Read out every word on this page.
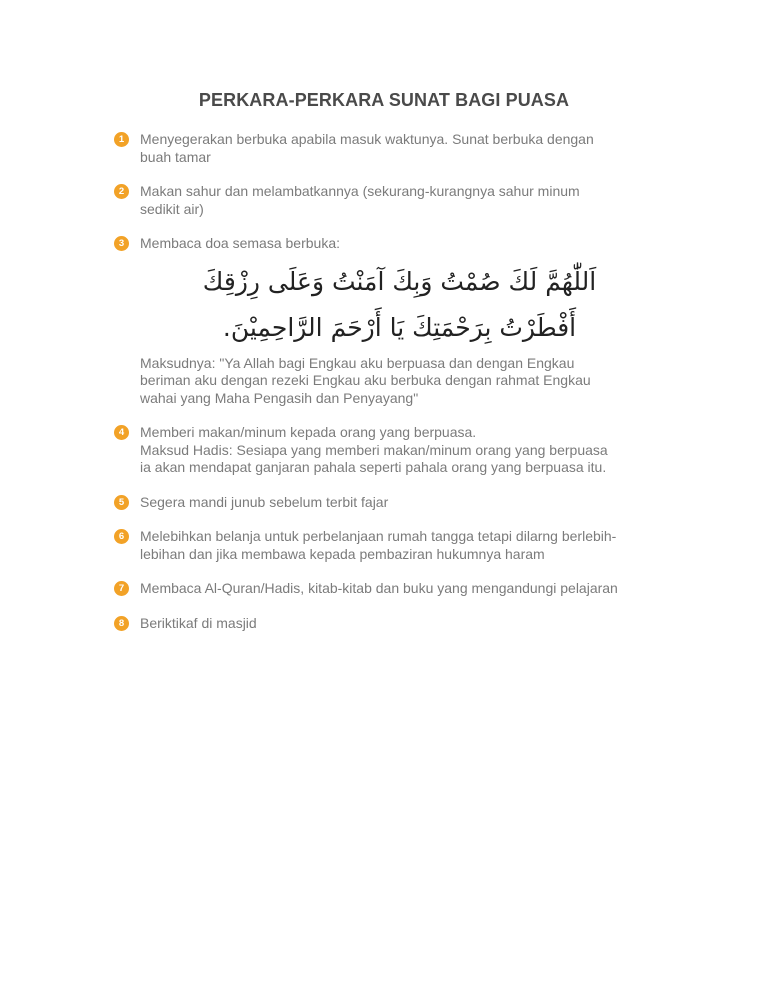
PERKARA-PERKARA SUNAT BAGI PUASA
1	Menyegerakan berbuka apabila masuk waktunya. Sunat berbuka dengan
buah tamar
2	Makan sahur dan melambatkannya (sekurang-kurangnya sahur minum
sedikit air)
3	Membaca doa semasa berbuka:
اَللّٰهُمَّ لَكَ صُمْتُ وَبِكَ آمَنْتُ وَعَلَى رِزْقِكَ
أَفْطَرْتُ بِرَحْمَتِكَ يَا أَرْحَمَ الرَّاحِمِيْنَ.
Maksudnya: "Ya Allah bagi Engkau aku berpuasa dan dengan Engkau
beriman aku dengan rezeki Engkau aku berbuka dengan rahmat Engkau
wahai yang Maha Pengasih dan Penyayang"
4	Memberi makan/minum kepada orang yang berpuasa.
Maksud Hadis: Sesiapa yang memberi makan/minum orang yang berpuasa
ia akan mendapat ganjaran pahala seperti pahala orang yang berpuasa itu.
5	Segera mandi junub sebelum terbit fajar
6	Melebihkan belanja untuk perbelanjaan rumah tangga tetapi dilarng berlebih-
lebihan dan jika membawa kepada pembaziran hukumnya haram
7	Membaca Al-Quran/Hadis, kitab-kitab dan buku yang mengandungi pelajaran
8	Beriktikaf di masjid
